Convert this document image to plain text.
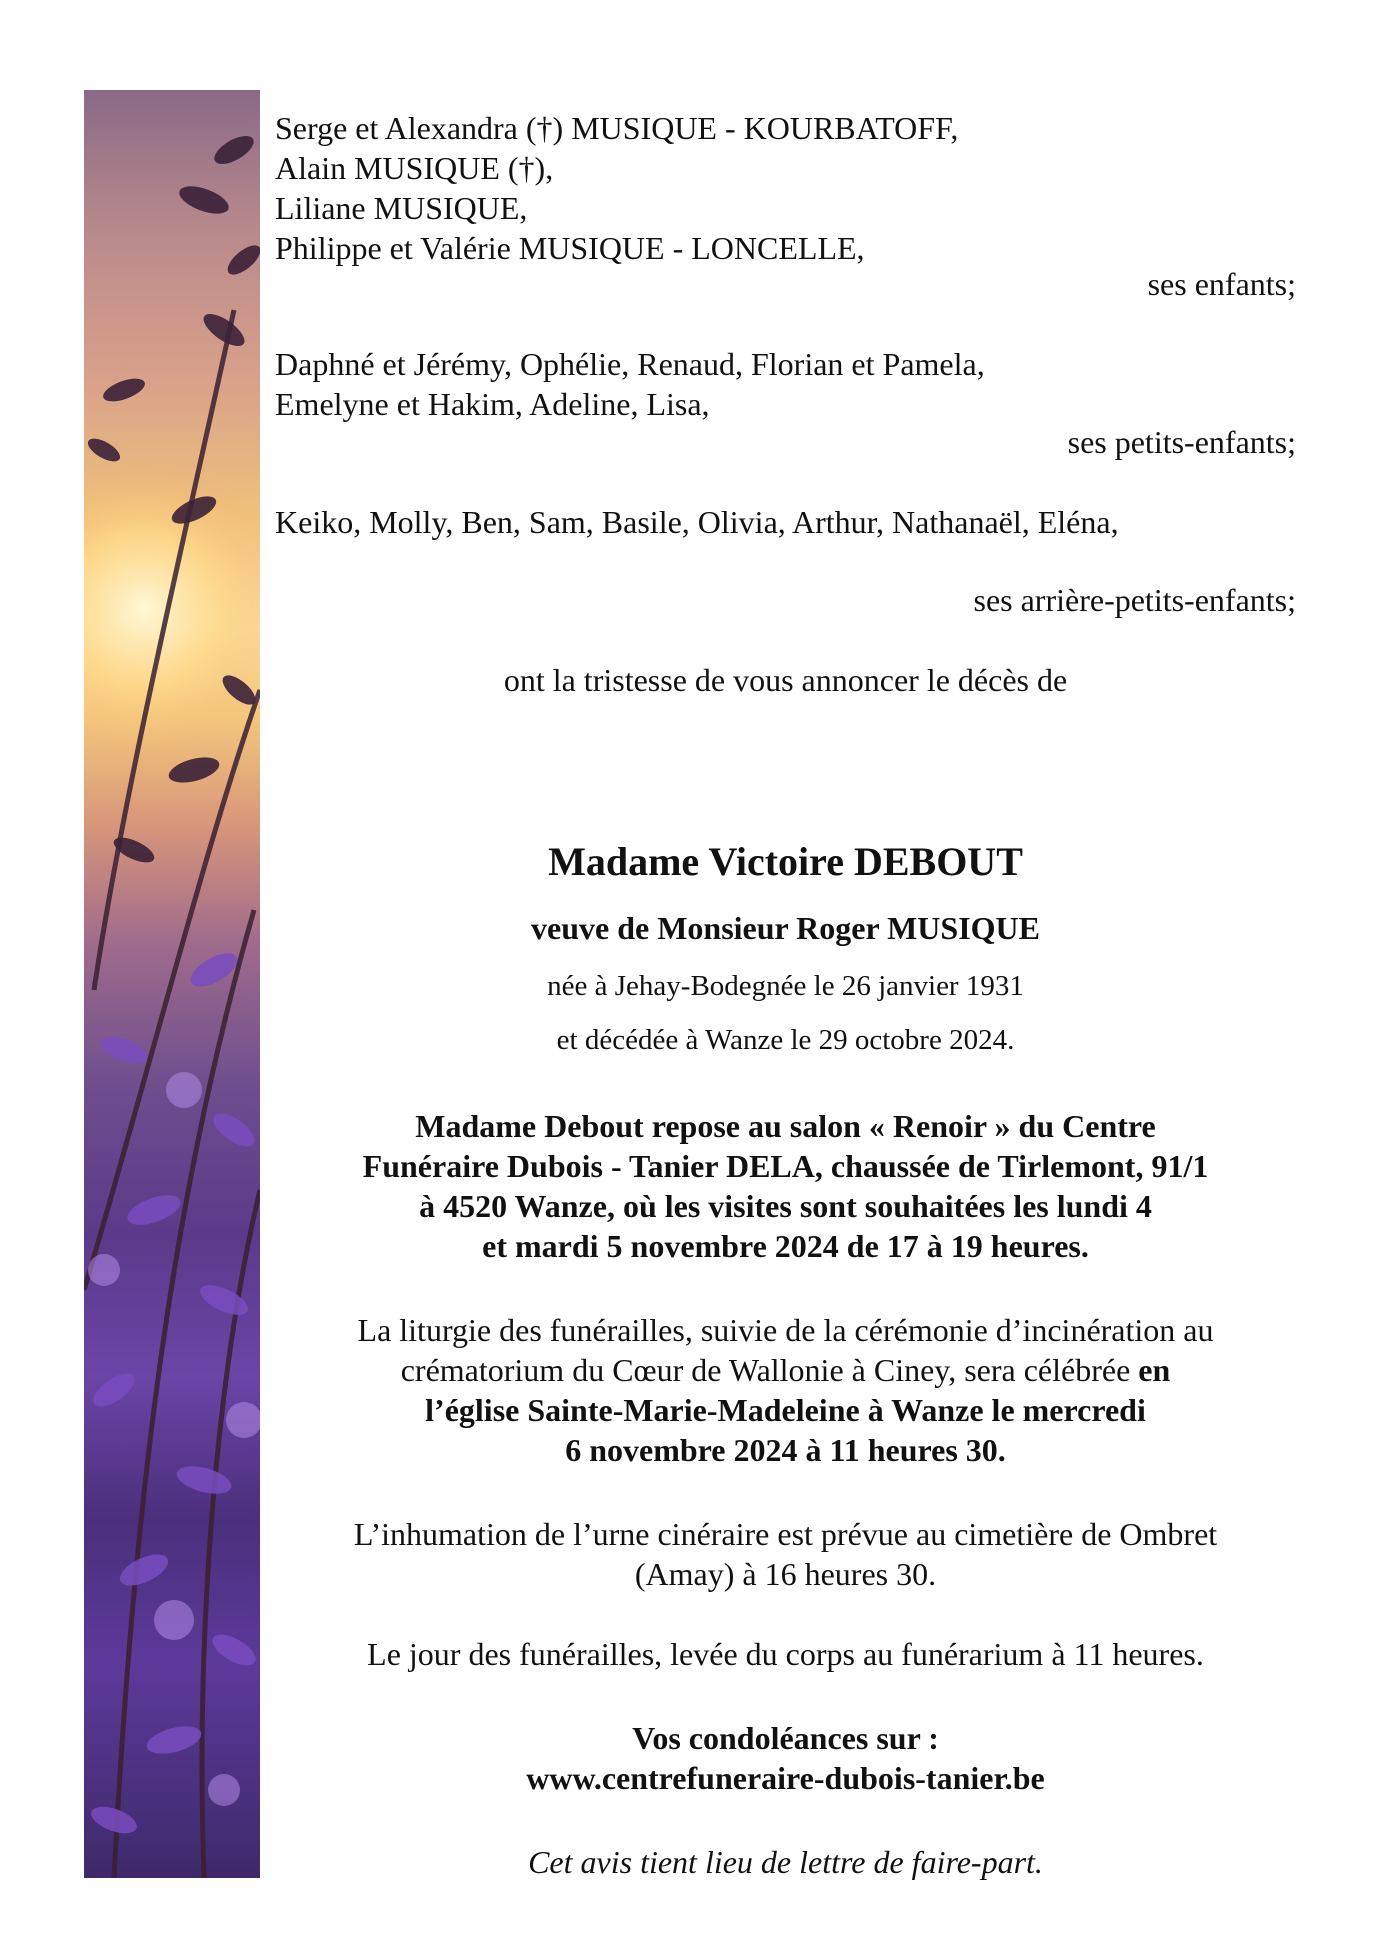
Serge et Alexandra (†) MUSIQUE - KOURBATOFF,
Alain MUSIQUE (†),
Liliane MUSIQUE,
Philippe et Valérie MUSIQUE - LONCELLE,
ses enfants;
Daphné et Jérémy, Ophélie, Renaud, Florian et Pamela,
Emelyne et Hakim, Adeline, Lisa,
ses petits-enfants;
Keiko, Molly, Ben, Sam, Basile, Olivia, Arthur, Nathanaël, Eléna,
ses arrière-petits-enfants;
ont la tristesse de vous annoncer le décès de
Madame Victoire DEBOUT
veuve de Monsieur Roger MUSIQUE
née à Jehay-Bodegnée le 26 janvier 1931
et décédée à Wanze le 29 octobre 2024.
Madame Debout repose au salon « Renoir » du Centre
Funéraire Dubois - Tanier DELA, chaussée de Tirlemont, 91/1
à 4520 Wanze, où les visites sont souhaitées les lundi 4
et mardi 5 novembre 2024 de 17 à 19 heures.
La liturgie des funérailles, suivie de la cérémonie d’incinération au
crématorium du Cœur de Wallonie à Ciney, sera célébrée en
l’église Sainte-Marie-Madeleine à Wanze le mercredi
6 novembre 2024 à 11 heures 30.
L’inhumation de l’urne cinéraire est prévue au cimetière de Ombret
(Amay) à 16 heures 30.
Le jour des funérailles, levée du corps au funérarium à 11 heures.
Vos condoléances sur :
www.centrefuneraire-dubois-tanier.be
Cet avis tient lieu de lettre de faire-part.
